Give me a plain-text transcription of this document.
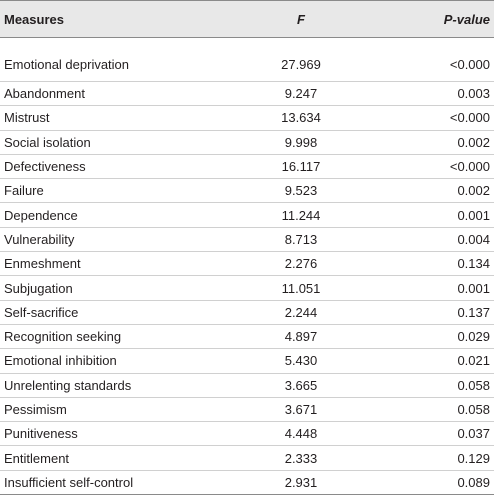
Measures	F	P-value
Emotional deprivation	27.969	<0.000
Abandonment	9.247	0.003
Mistrust	13.634	<0.000
Social isolation	9.998	0.002
Defectiveness	16.117	<0.000
Failure	9.523	0.002
Dependence	11.244	0.001
Vulnerability	8.713	0.004
Enmeshment	2.276	0.134
Subjugation	11.051	0.001
Self-sacrifice	2.244	0.137
Recognition seeking	4.897	0.029
Emotional inhibition	5.430	0.021
Unrelenting standards	3.665	0.058
Pessimism	3.671	0.058
Punitiveness	4.448	0.037
Entitlement	2.333	0.129
Insufficient self-control	2.931	0.089
